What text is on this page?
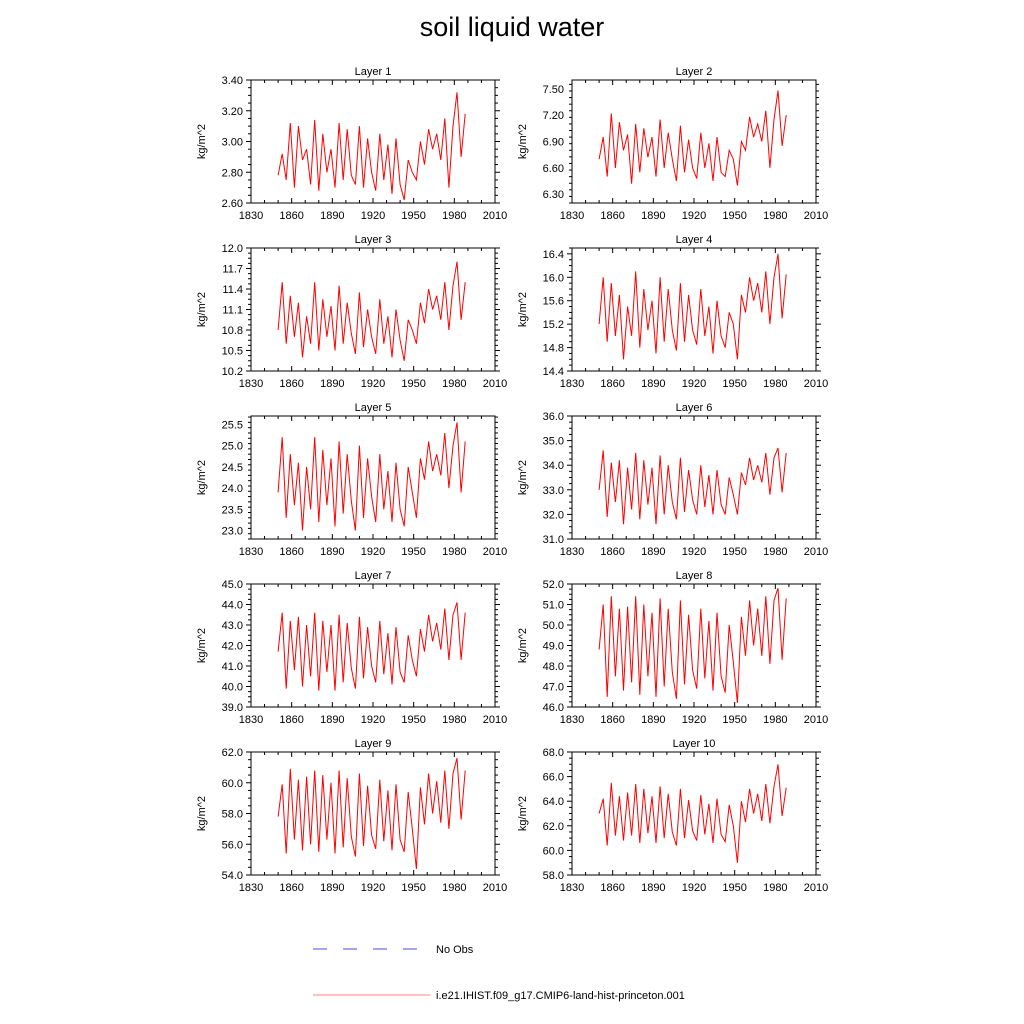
soil liquid water
Layer 1
1830 1860 1890 1920 1950 1980 2010
2.60
2.80
3.00
3.20
3.40
kg/m^2
Layer 2
1830 1860 1890 1920 1950 1980 2010
6.30
6.60
6.90
7.20
7.50
kg/m^2
Layer 3
1830 1860 1890 1920 1950 1980 2010
10.2
10.5
10.8
11.1
11.4
11.7
12.0
kg/m^2
Layer 4
1830 1860 1890 1920 1950 1980 2010
14.4
14.8
15.2
15.6
16.0
16.4
kg/m^2
Layer 5
1830 1860 1890 1920 1950 1980 2010
23.0
23.5
24.0
24.5
25.0
25.5
kg/m^2
Layer 6
1830 1860 1890 1920 1950 1980 2010
31.0
32.0
33.0
34.0
35.0
36.0
kg/m^2
Layer 7
1830 1860 1890 1920 1950 1980 2010
39.0
40.0
41.0
42.0
43.0
44.0
45.0
kg/m^2
Layer 8
1830 1860 1890 1920 1950 1980 2010
46.0
47.0
48.0
49.0
50.0
51.0
52.0
kg/m^2
Layer 9
1830 1860 1890 1920 1950 1980 2010
54.0
56.0
58.0
60.0
62.0
kg/m^2
Layer 10
1830 1860 1890 1920 1950 1980 2010
58.0
60.0
62.0
64.0
66.0
68.0
kg/m^2
No Obs
i.e21.IHIST.f09_g17.CMIP6-land-hist-princeton.001
